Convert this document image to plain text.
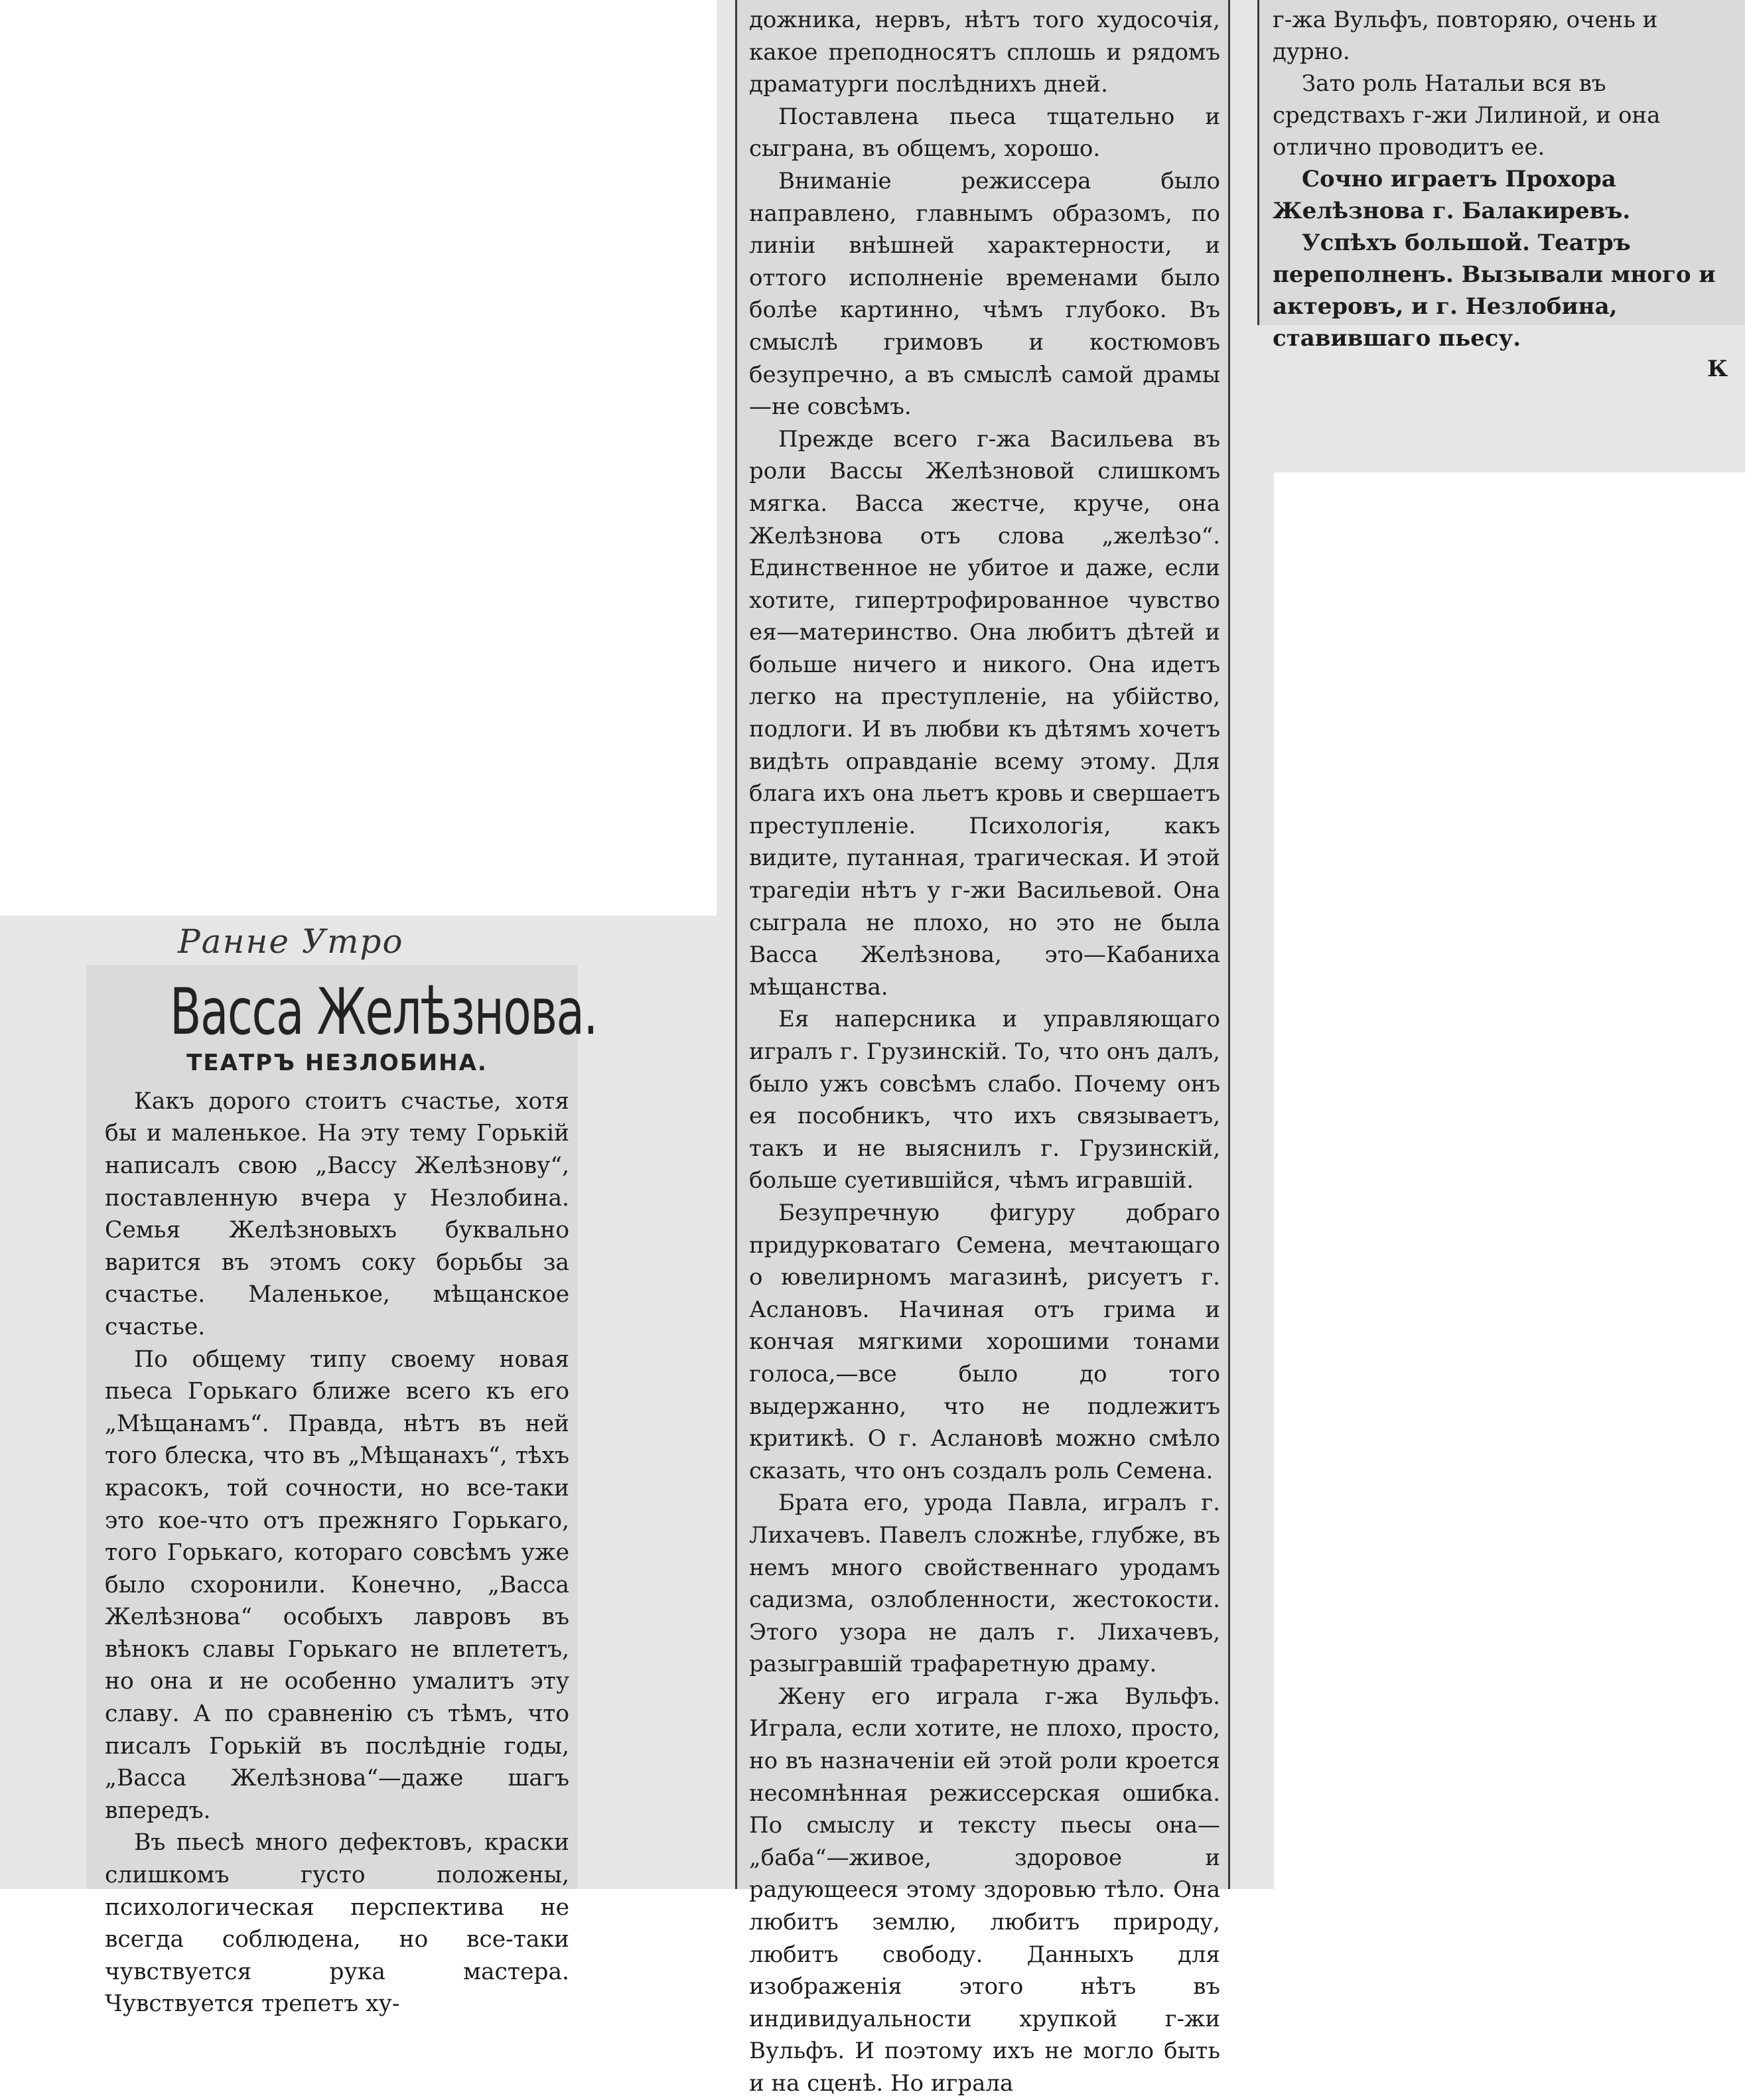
Ранне Утро
Васса Желѣзнова.
ТЕАТРЪ НЕЗЛОБИНА.

Какъ дорого стоитъ счастье, хотя бы и маленькое. На эту тему Горькій написалъ свою „Вассу Желѣзнову“, поставленную вчера у Незлобина. Семья Желѣзновыхъ буквально варится въ этомъ соку борьбы за счастье. Маленькое, мѣщанское счастье.

По общему типу своему новая пьеса Горькаго ближе всего къ его „Мѣщанамъ“. Правда, нѣтъ въ ней того блеска, что въ „Мѣщанахъ“, тѣхъ красокъ, той сочности, но все-таки это кое-что отъ прежняго Горькаго, того Горькаго, котораго совсѣмъ уже было схоронили. Конечно, „Васса Желѣзнова“ особыхъ лавровъ въ вѣнокъ славы Горькаго не вплететъ, но она и не особенно умалитъ эту славу. А по сравненію съ тѣмъ, что писалъ Горькій въ послѣдніе годы, „Васса Желѣзнова“—даже шагъ впередъ.

Въ пьесѣ много дефектовъ, краски слишкомъ густо положены, психологическая перспектива не всегда соблюдена, но все-таки чувствуется рука мастера. Чувствуется трепетъ ху-

дожника, нервъ, нѣтъ того худосочія, какое преподносятъ сплошь и рядомъ драматурги послѣднихъ дней.

Поставлена пьеса тщательно и сыграна, въ общемъ, хорошо.

Вниманіе режиссера было направлено, главнымъ образомъ, по линіи внѣшней характерности, и оттого исполненіе временами было болѣе картинно, чѣмъ глубоко. Въ смыслѣ гримовъ и костюмовъ безупречно, а въ смыслѣ самой драмы—не совсѣмъ.

Прежде всего г-жа Васильева въ роли Вассы Желѣзновой слишкомъ мягка. Васса жестче, круче, она Желѣзнова отъ слова „желѣзо“. Единственное не убитое и даже, если хотите, гипертрофированное чувство ея—материнство. Она любитъ дѣтей и больше ничего и никого. Она идетъ легко на преступленіе, на убійство, подлоги. И въ любви къ дѣтямъ хочетъ видѣть оправданіе всему этому. Для блага ихъ она льетъ кровь и свершаетъ преступленіе. Психологія, какъ видите, путанная, трагическая. И этой трагедіи нѣтъ у г-жи Васильевой. Она сыграла не плохо, но это не была Васса Желѣзнова, это—Кабаниха мѣщанства.

Ея наперсника и управляющаго игралъ г. Грузинскій. То, что онъ далъ, было ужъ совсѣмъ слабо. Почему онъ ея пособникъ, что ихъ связываетъ, такъ и не выяснилъ г. Грузинскій, больше суетившійся, чѣмъ игравшій.

Безупречную фигуру добраго придурковатаго Семена, мечтающаго о ювелирномъ магазинѣ, рисуетъ г. Аслановъ. Начиная отъ грима и кончая мягкими хорошими тонами голоса,—все было до того выдержанно, что не подлежитъ критикѣ. О г. Аслановѣ можно смѣло сказать, что онъ создалъ роль Семена.

Брата его, урода Павла, игралъ г. Лихачевъ. Павелъ сложнѣе, глубже, въ немъ много свойственнаго уродамъ садизма, озлобленности, жестокости. Этого узора не далъ г. Лихачевъ, разыгравшій трафаретную драму.

Жену его играла г-жа Вульфъ. Играла, если хотите, не плохо, просто, но въ назначеніи ей этой роли кроется несомнѣнная режиссерская ошибка. По смыслу и тексту пьесы она—„баба“—живое, здоровое и радующееся этому здоровью тѣло. Она любитъ землю, любитъ природу, любитъ свободу. Данныхъ для изображенія этого нѣтъ въ индивидуальности хрупкой г-жи Вульфъ. И поэтому ихъ не могло быть и на сценѣ. Но играла

г-жа Вульфъ, повторяю, очень и дурно.

Зато роль Натальи вся въ средствахъ г-жи Лилиной, и она отлично проводитъ ее.

Сочно играетъ Прохора Желѣзнова г. Балакиревъ.

Успѣхъ большой. Театръ переполненъ. Вызывали много и актеровъ, и г. Незлобина, ставившаго пьесу.

К
